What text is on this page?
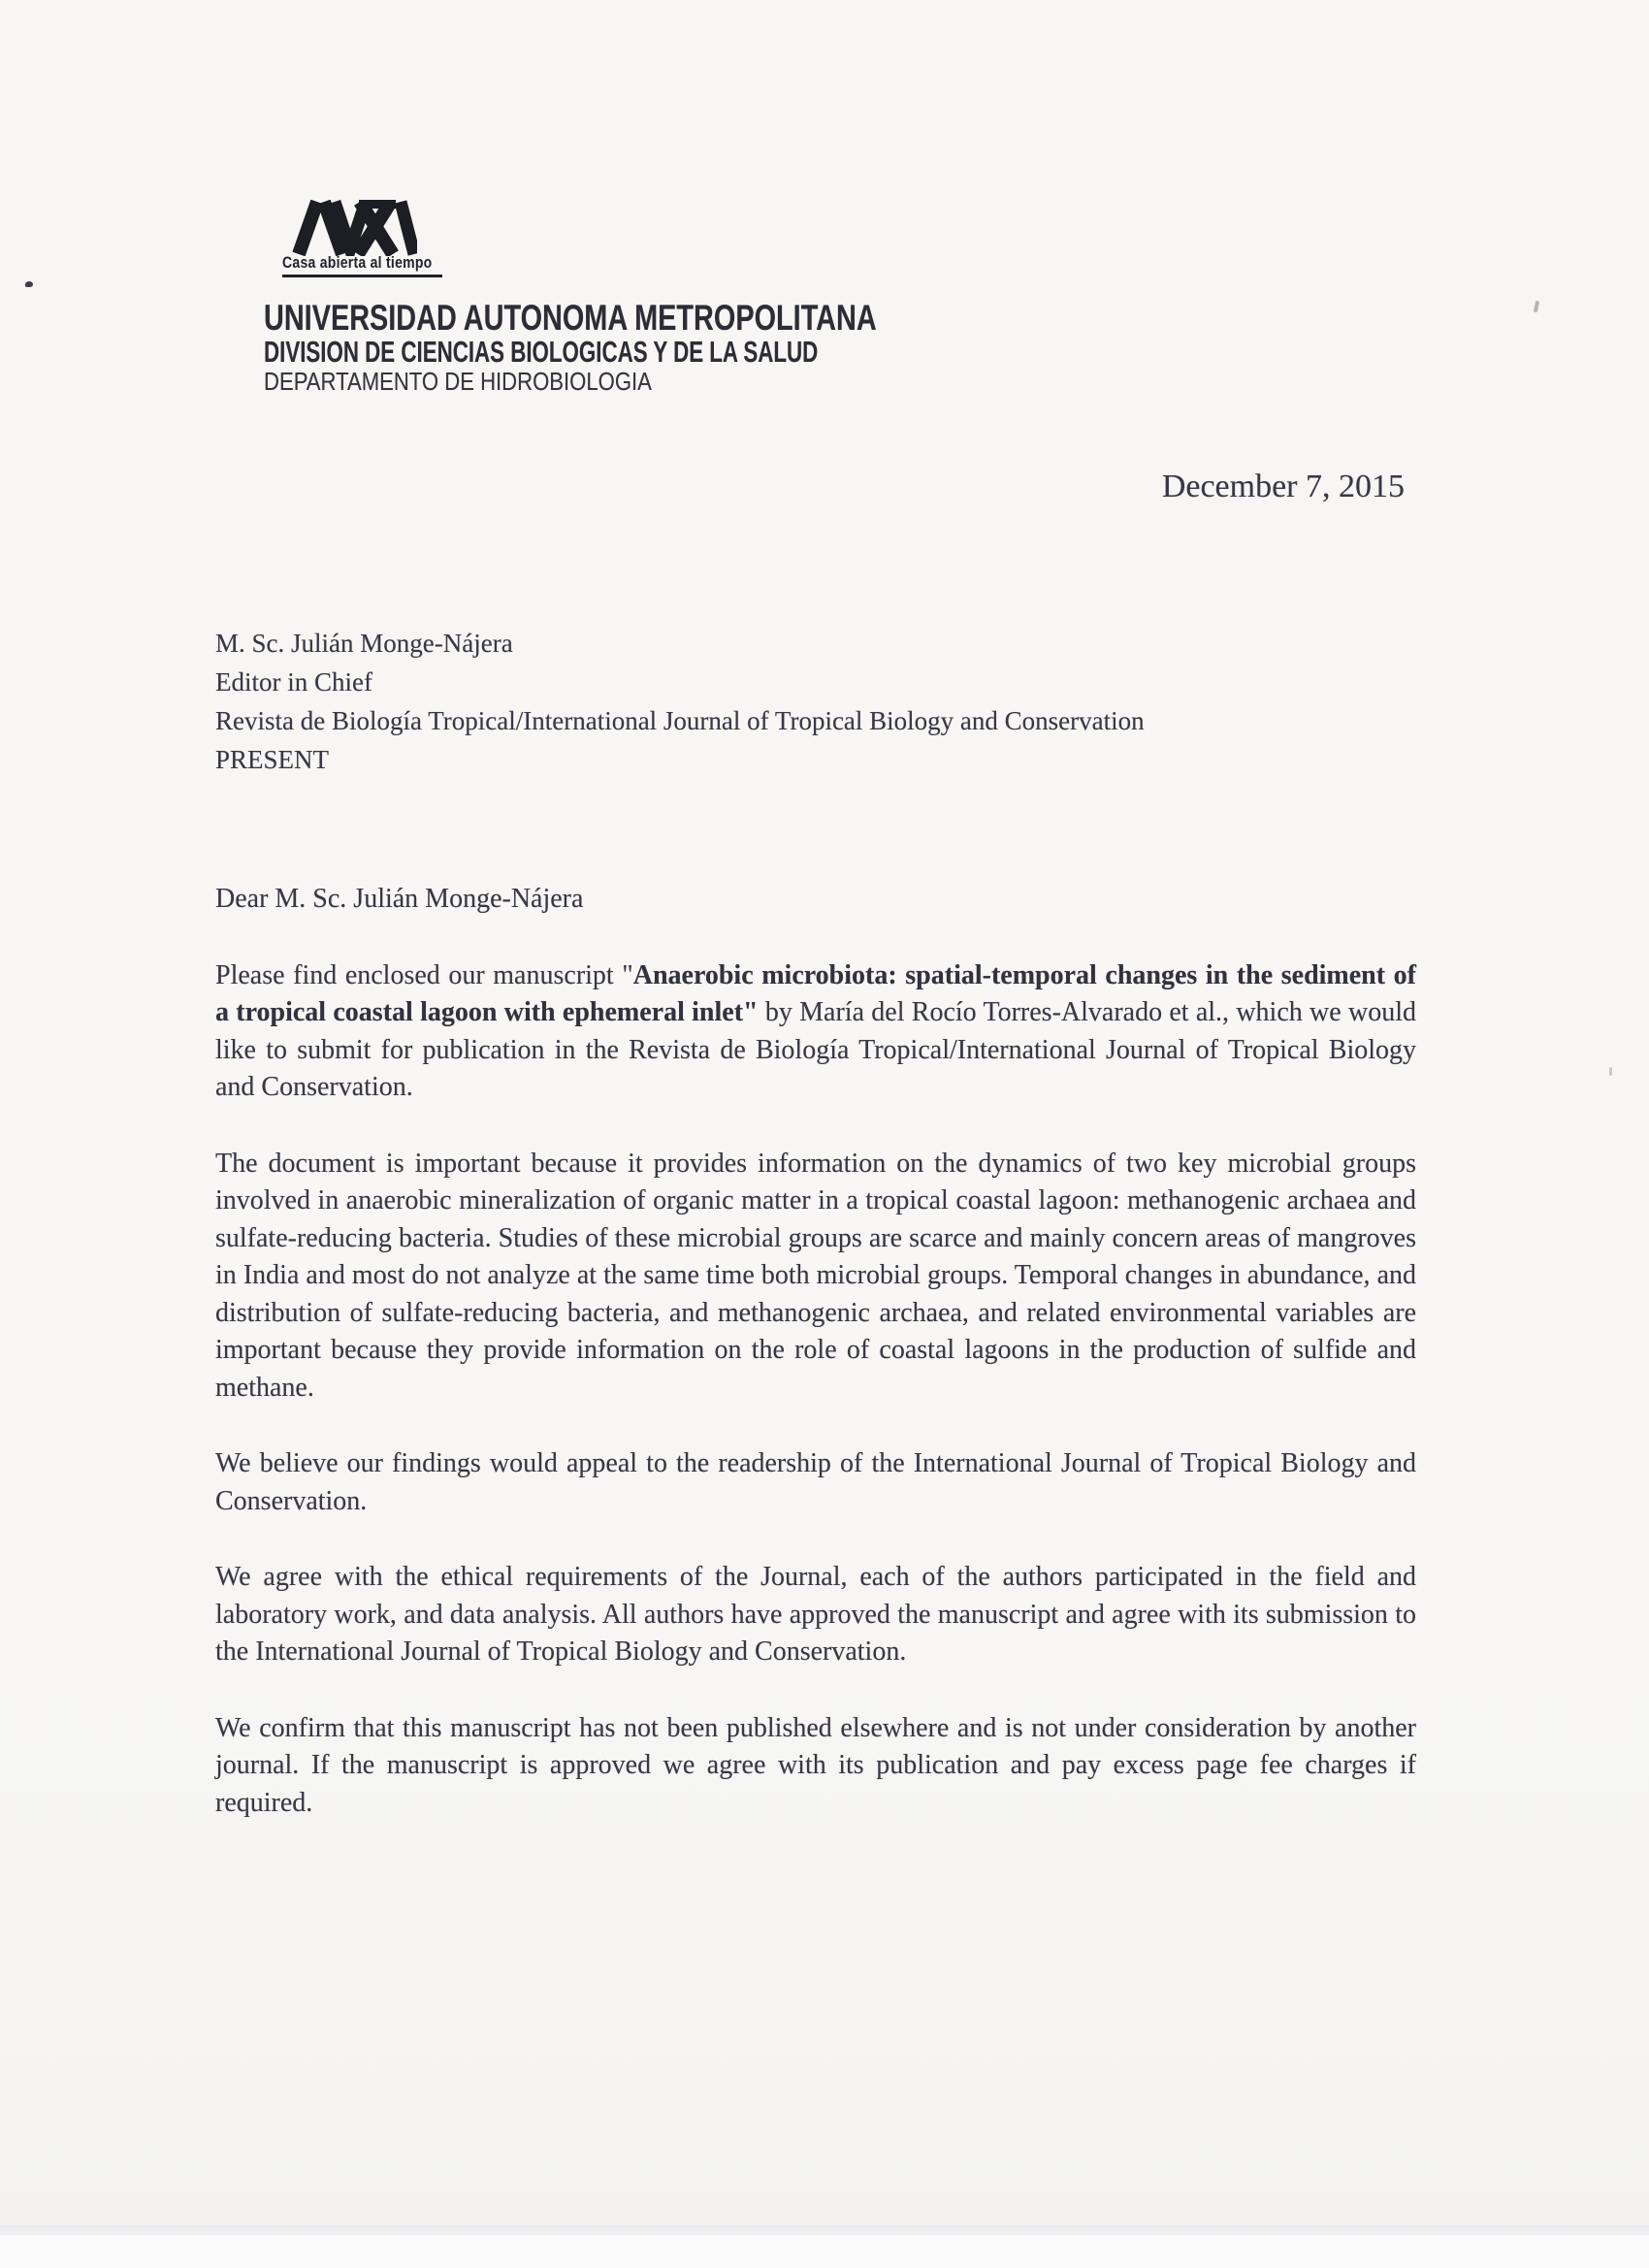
Casa abierta al tiempo
UNIVERSIDAD AUTONOMA METROPOLITANA
DIVISION DE CIENCIAS BIOLOGICAS Y DE LA SALUD
DEPARTAMENTO DE HIDROBIOLOGIA
December 7, 2015
M. Sc. Julián Monge-Nájera
Editor in Chief
Revista de Biología Tropical/International Journal of Tropical Biology and Conservation
PRESENT

Dear M. Sc. Julián Monge-Nájera

Please find enclosed our manuscript "Anaerobic microbiota: spatial-temporal changes in the sediment of a tropical coastal lagoon with ephemeral inlet" by María del Rocío Torres-Alvarado et al., which we would like to submit for publication in the Revista de Biología Tropical/International Journal of Tropical Biology and Conservation.

The document is important because it provides information on the dynamics of two key microbial groups involved in anaerobic mineralization of organic matter in a tropical coastal lagoon: methanogenic archaea and sulfate-reducing bacteria. Studies of these microbial groups are scarce and mainly concern areas of mangroves in India and most do not analyze at the same time both microbial groups. Temporal changes in abundance, and distribution of sulfate-reducing bacteria, and methanogenic archaea, and related environmental variables are important because they provide information on the role of coastal lagoons in the production of sulfide and methane.

We believe our findings would appeal to the readership of the International Journal of Tropical Biology and Conservation.

We agree with the ethical requirements of the Journal, each of the authors participated in the field and laboratory work, and data analysis. All authors have approved the manuscript and agree with its submission to the International Journal of Tropical Biology and Conservation.

We confirm that this manuscript has not been published elsewhere and is not under consideration by another journal. If the manuscript is approved we agree with its publication and pay excess page fee charges if required.
